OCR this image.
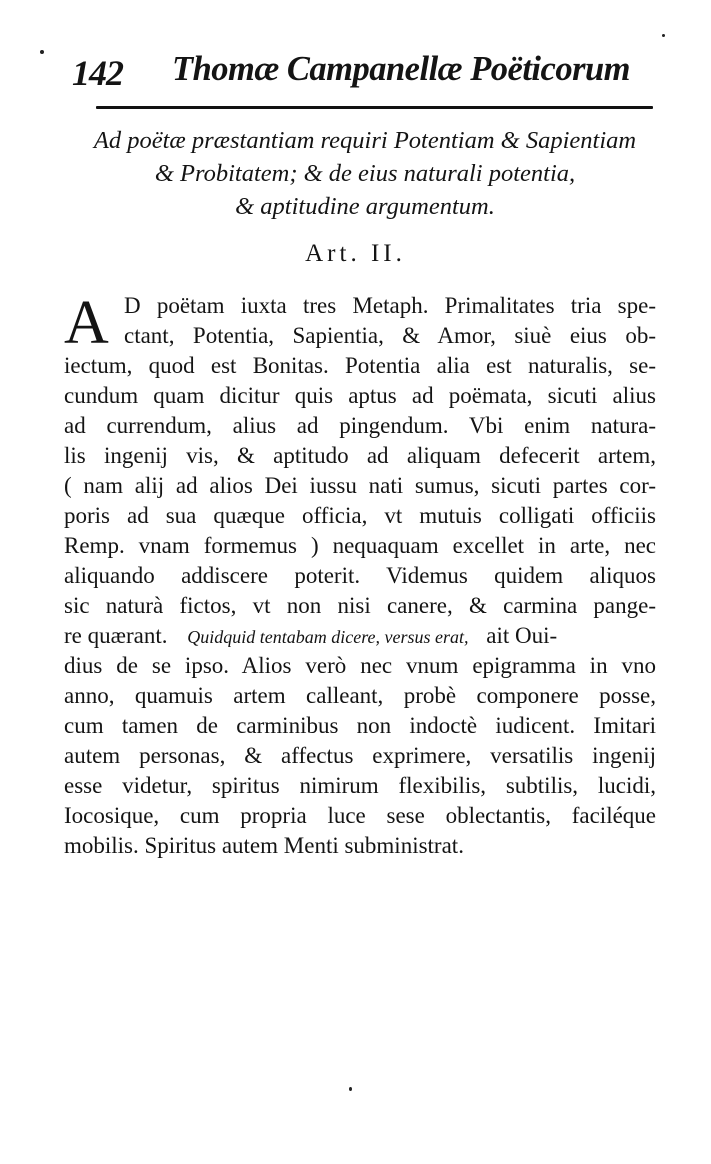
142 Thomæ Campanellæ Poëticorum
Ad poëtæ præstantiam requiri Potentiam & Sapientiam
& Probitatem; & de eius naturali potentia,
& aptitudine argumentum.
Art. II.
A D poëtam iuxta tres Metaph. Primalitates tria spe-
ctant, Potentia, Sapientia, & Amor, siuè eius ob-
iectum, quod est Bonitas. Potentia alia est naturalis, se-
cundum quam dicitur quis aptus ad poëmata, sicuti alius
ad currendum, alius ad pingendum. Vbi enim natura-
lis ingenij vis, & aptitudo ad aliquam defecerit artem,
( nam alij ad alios Dei iussu nati sumus, sicuti partes cor-
poris ad sua quæque officia, vt mutuis colligati officiis
Remp. vnam formemus ) nequaquam excellet in arte, nec
aliquando addiscere poterit. Videmus quidem aliquos
sic naturà fictos, vt non nisi canere, & carmina pange-
re quærant. Quidquid tentabam dicere, versus erat, ait Oui-
dius de se ipso. Alios verò nec vnum epigramma in vno
anno, quamuis artem calleant, probè componere posse,
cum tamen de carminibus non indoctè iudicent. Imitari
autem personas, & affectus exprimere, versatilis ingenij
esse videtur, spiritus nimirum flexibilis, subtilis, lucidi,
Iocosique, cum propria luce sese oblectantis, faciléque
mobilis. Spiritus autem Menti subministrat.
